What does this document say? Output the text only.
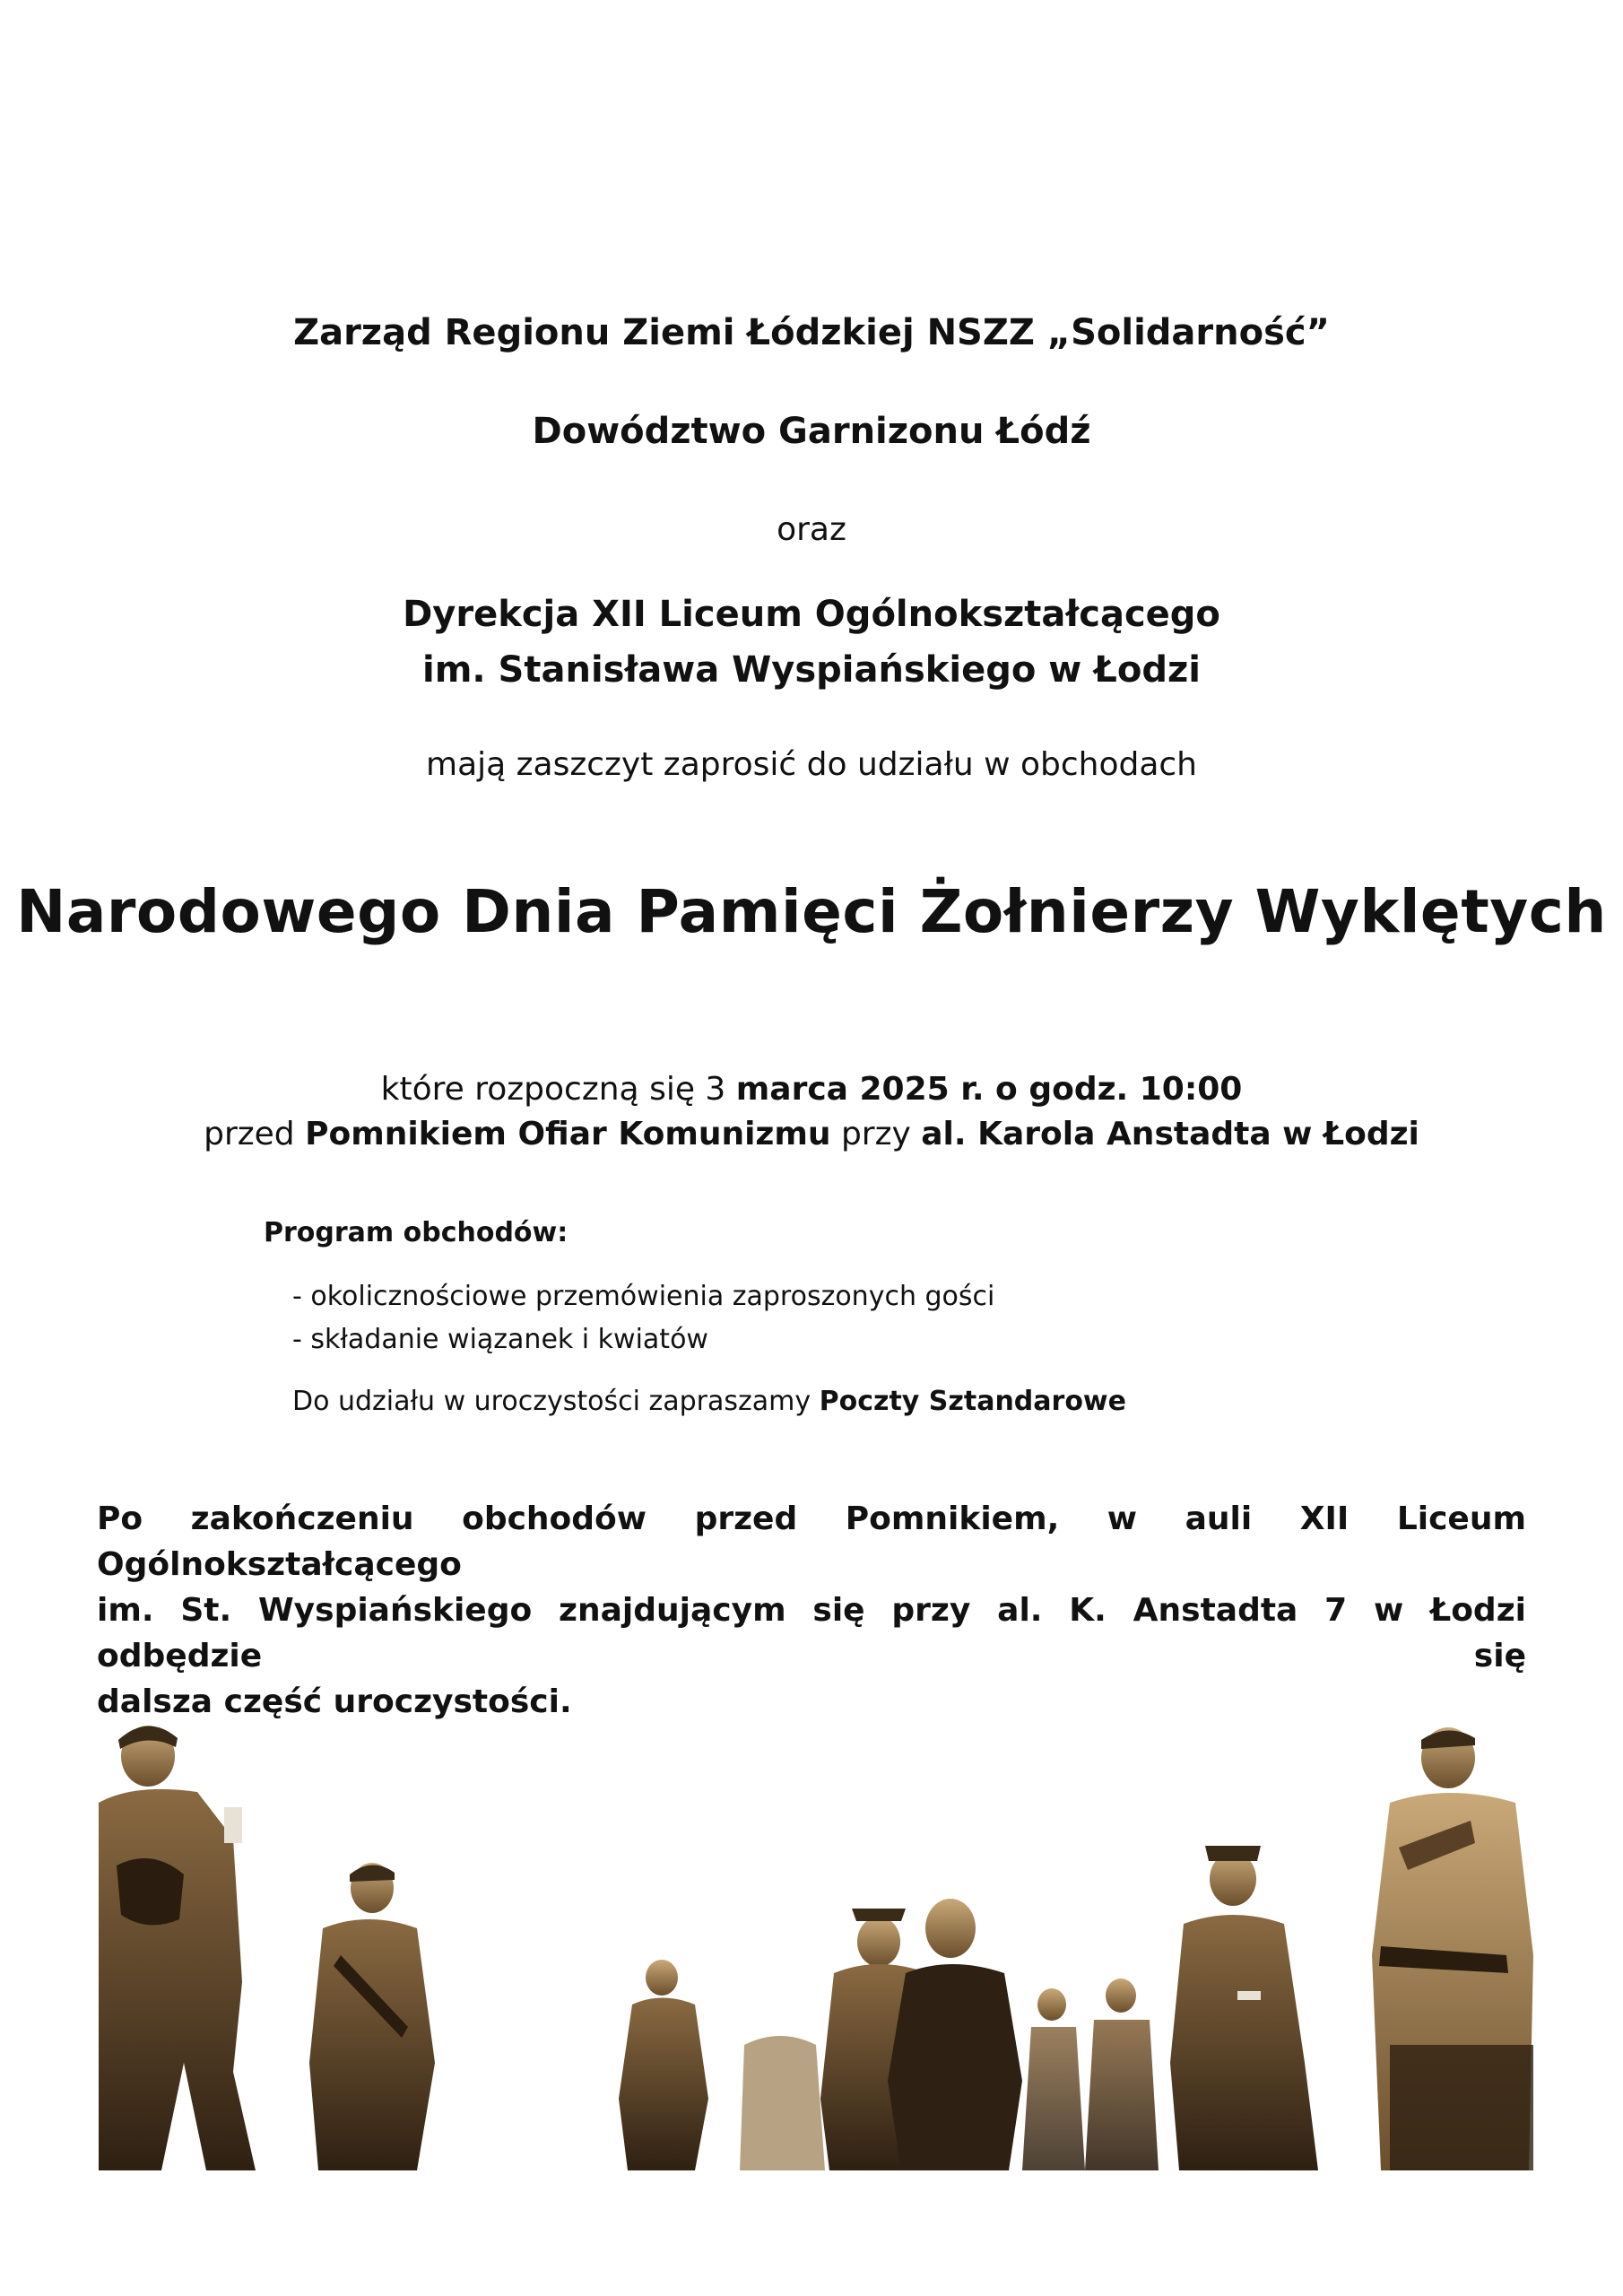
Zarząd Regionu Ziemi Łódzkiej NSZZ „Solidarność”
Dowództwo Garnizonu Łódź
oraz
Dyrekcja XII Liceum Ogólnokształcącego
im. Stanisława Wyspiańskiego w Łodzi
mają zaszczyt zaprosić do udziału w obchodach
Narodowego Dnia Pamięci Żołnierzy Wyklętych
które rozpoczną się 3 marca 2025 r. o godz. 10:00
przed Pomnikiem Ofiar Komunizmu przy al. Karola Anstadta w Łodzi
Program obchodów:
- okolicznościowe przemówienia zaproszonych gości
- składanie wiązanek i kwiatów
Do udziału w uroczystości zapraszamy Poczty Sztandarowe
Po zakończeniu obchodów przed Pomnikiem, w auli XII Liceum Ogólnokształcącego
im. St. Wyspiańskiego znajdującym się przy al. K. Anstadta 7 w Łodzi odbędzie się
dalsza część uroczystości.
